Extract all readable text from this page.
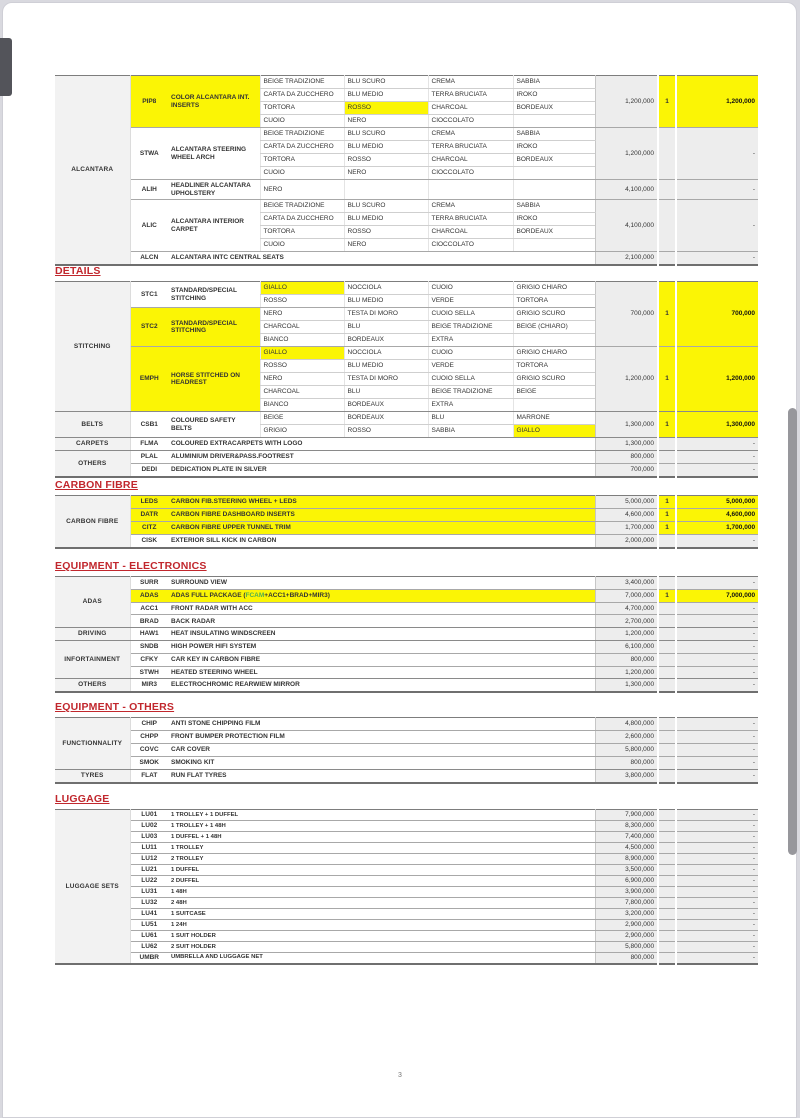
ALCANTARA	PIP8	COLOR ALCANTARA INT. INSERTS	BEIGE TRADIZIONE	BLU SCURO	CREMA	SABBIA	1,200,000	1	1,200,000
			CARTA DA ZUCCHERO	BLU MEDIO	TERRA BRUCIATA	IROKO			
			TORTORA	ROSSO	CHARCOAL	BORDEAUX			
			CUOIO	NERO	CIOCCOLATO				
	STWA	ALCANTARA STEERING WHEEL ARCH	BEIGE TRADIZIONE	BLU SCURO	CREMA	SABBIA	1,200,000		-
			CARTA DA ZUCCHERO	BLU MEDIO	TERRA BRUCIATA	IROKO			
			TORTORA	ROSSO	CHARCOAL	BORDEAUX			
			CUOIO	NERO	CIOCCOLATO				
	ALIH	HEADLINER ALCANTARA UPHOLSTERY	NERO				4,100,000		-
	ALIC	ALCANTARA INTERIOR CARPET	BEIGE TRADIZIONE	BLU SCURO	CREMA	SABBIA	4,100,000		-
			CARTA DA ZUCCHERO	BLU MEDIO	TERRA BRUCIATA	IROKO			
			TORTORA	ROSSO	CHARCOAL	BORDEAUX			
			CUOIO	NERO	CIOCCOLATO				
	ALCN	ALCANTARA INTC CENTRAL SEATS					2,100,000		-
DETAILS
STITCHING	STC1	STANDARD/SPECIAL STITCHING	GIALLO	NOCCIOLA	CUOIO	GRIGIO CHIARO	700,000	1	700,000
			ROSSO	BLU MEDIO	VERDE	TORTORA			
	STC2	STANDARD/SPECIAL STITCHING	NERO	TESTA DI MORO	CUOIO SELLA	GRIGIO SCURO			
			CHARCOAL	BLU	BEIGE TRADIZIONE	BEIGE (CHIARO)			
			BIANCO	BORDEAUX	EXTRA				
	EMPH	HORSE STITCHED ON HEADREST	GIALLO	NOCCIOLA	CUOIO	GRIGIO CHIARO	1,200,000	1	1,200,000
			ROSSO	BLU MEDIO	VERDE	TORTORA			
			NERO	TESTA DI MORO	CUOIO SELLA	GRIGIO SCURO			
			CHARCOAL	BLU	BEIGE TRADIZIONE	BEIGE			
			BIANCO	BORDEAUX	EXTRA				
BELTS	CSB1	COLOURED SAFETY BELTS	BEIGE	BORDEAUX	BLU	MARRONE	1,300,000	1	1,300,000
			GRIGIO	ROSSO	SABBIA	GIALLO			
CARPETS	FLMA	COLOURED EXTRACARPETS WITH LOGO					1,300,000		-
OTHERS	PLAL	ALUMINIUM DRIVER&PASS.FOOTREST					800,000		-
	DEDI	DEDICATION PLATE IN SILVER					700,000		-
CARBON FIBRE
CARBON FIBRE	LEDS	CARBON FIB.STEERING WHEEL + LEDS	5,000,000	1	5,000,000
	DATR	CARBON FIBRE DASHBOARD INSERTS	4,600,000	1	4,600,000
	CITZ	CARBON FIBRE UPPER TUNNEL TRIM	1,700,000	1	1,700,000
	CISK	EXTERIOR SILL KICK IN CARBON	2,000,000		-
EQUIPMENT - ELECTRONICS
ADAS	SURR	SURROUND VIEW	3,400,000		-
	ADAS	ADAS FULL PACKAGE (FCAM+ACC1+BRAD+MIR3)	7,000,000	1	7,000,000
	ACC1	FRONT RADAR WITH ACC	4,700,000		-
	BRAD	BACK RADAR	2,700,000		-
DRIVING	HAW1	HEAT INSULATING WINDSCREEN	1,200,000		-
INFORTAINMENT	SNDB	HIGH POWER HIFI SYSTEM	6,100,000		-
	CFKY	CAR KEY IN CARBON FIBRE	800,000		-
	STWH	HEATED STEERING WHEEL	1,200,000		-
OTHERS	MIR3	ELECTROCHROMIC REARWIEW MIRROR	1,300,000		-
EQUIPMENT - OTHERS
FUNCTIONNALITY	CHIP	ANTI STONE CHIPPING FILM	4,800,000		-
	CHPP	FRONT BUMPER PROTECTION FILM	2,600,000		-
	COVC	CAR COVER	5,800,000		-
	SMOK	SMOKING KIT	800,000		-
TYRES	FLAT	RUN FLAT TYRES	3,800,000		-
LUGGAGE
LUGGAGE SETS	LU01	1 TROLLEY + 1 DUFFEL	7,900,000		-
	LU02	1 TROLLEY + 1 48H	8,300,000		-
	LU03	1 DUFFEL + 1 48H	7,400,000		-
	LU11	1 TROLLEY	4,500,000		-
	LU12	2 TROLLEY	8,900,000		-
	LU21	1 DUFFEL	3,500,000		-
	LU22	2 DUFFEL	6,900,000		-
	LU31	1 48H	3,900,000		-
	LU32	2 48H	7,800,000		-
	LU41	1 SUITCASE	3,200,000		-
	LU51	1 24H	2,900,000		-
	LU61	1 SUIT HOLDER	2,900,000		-
	LU62	2 SUIT HOLDER	5,800,000		-
	UMBR	UMBRELLA AND LUGGAGE NET	800,000		-
3
